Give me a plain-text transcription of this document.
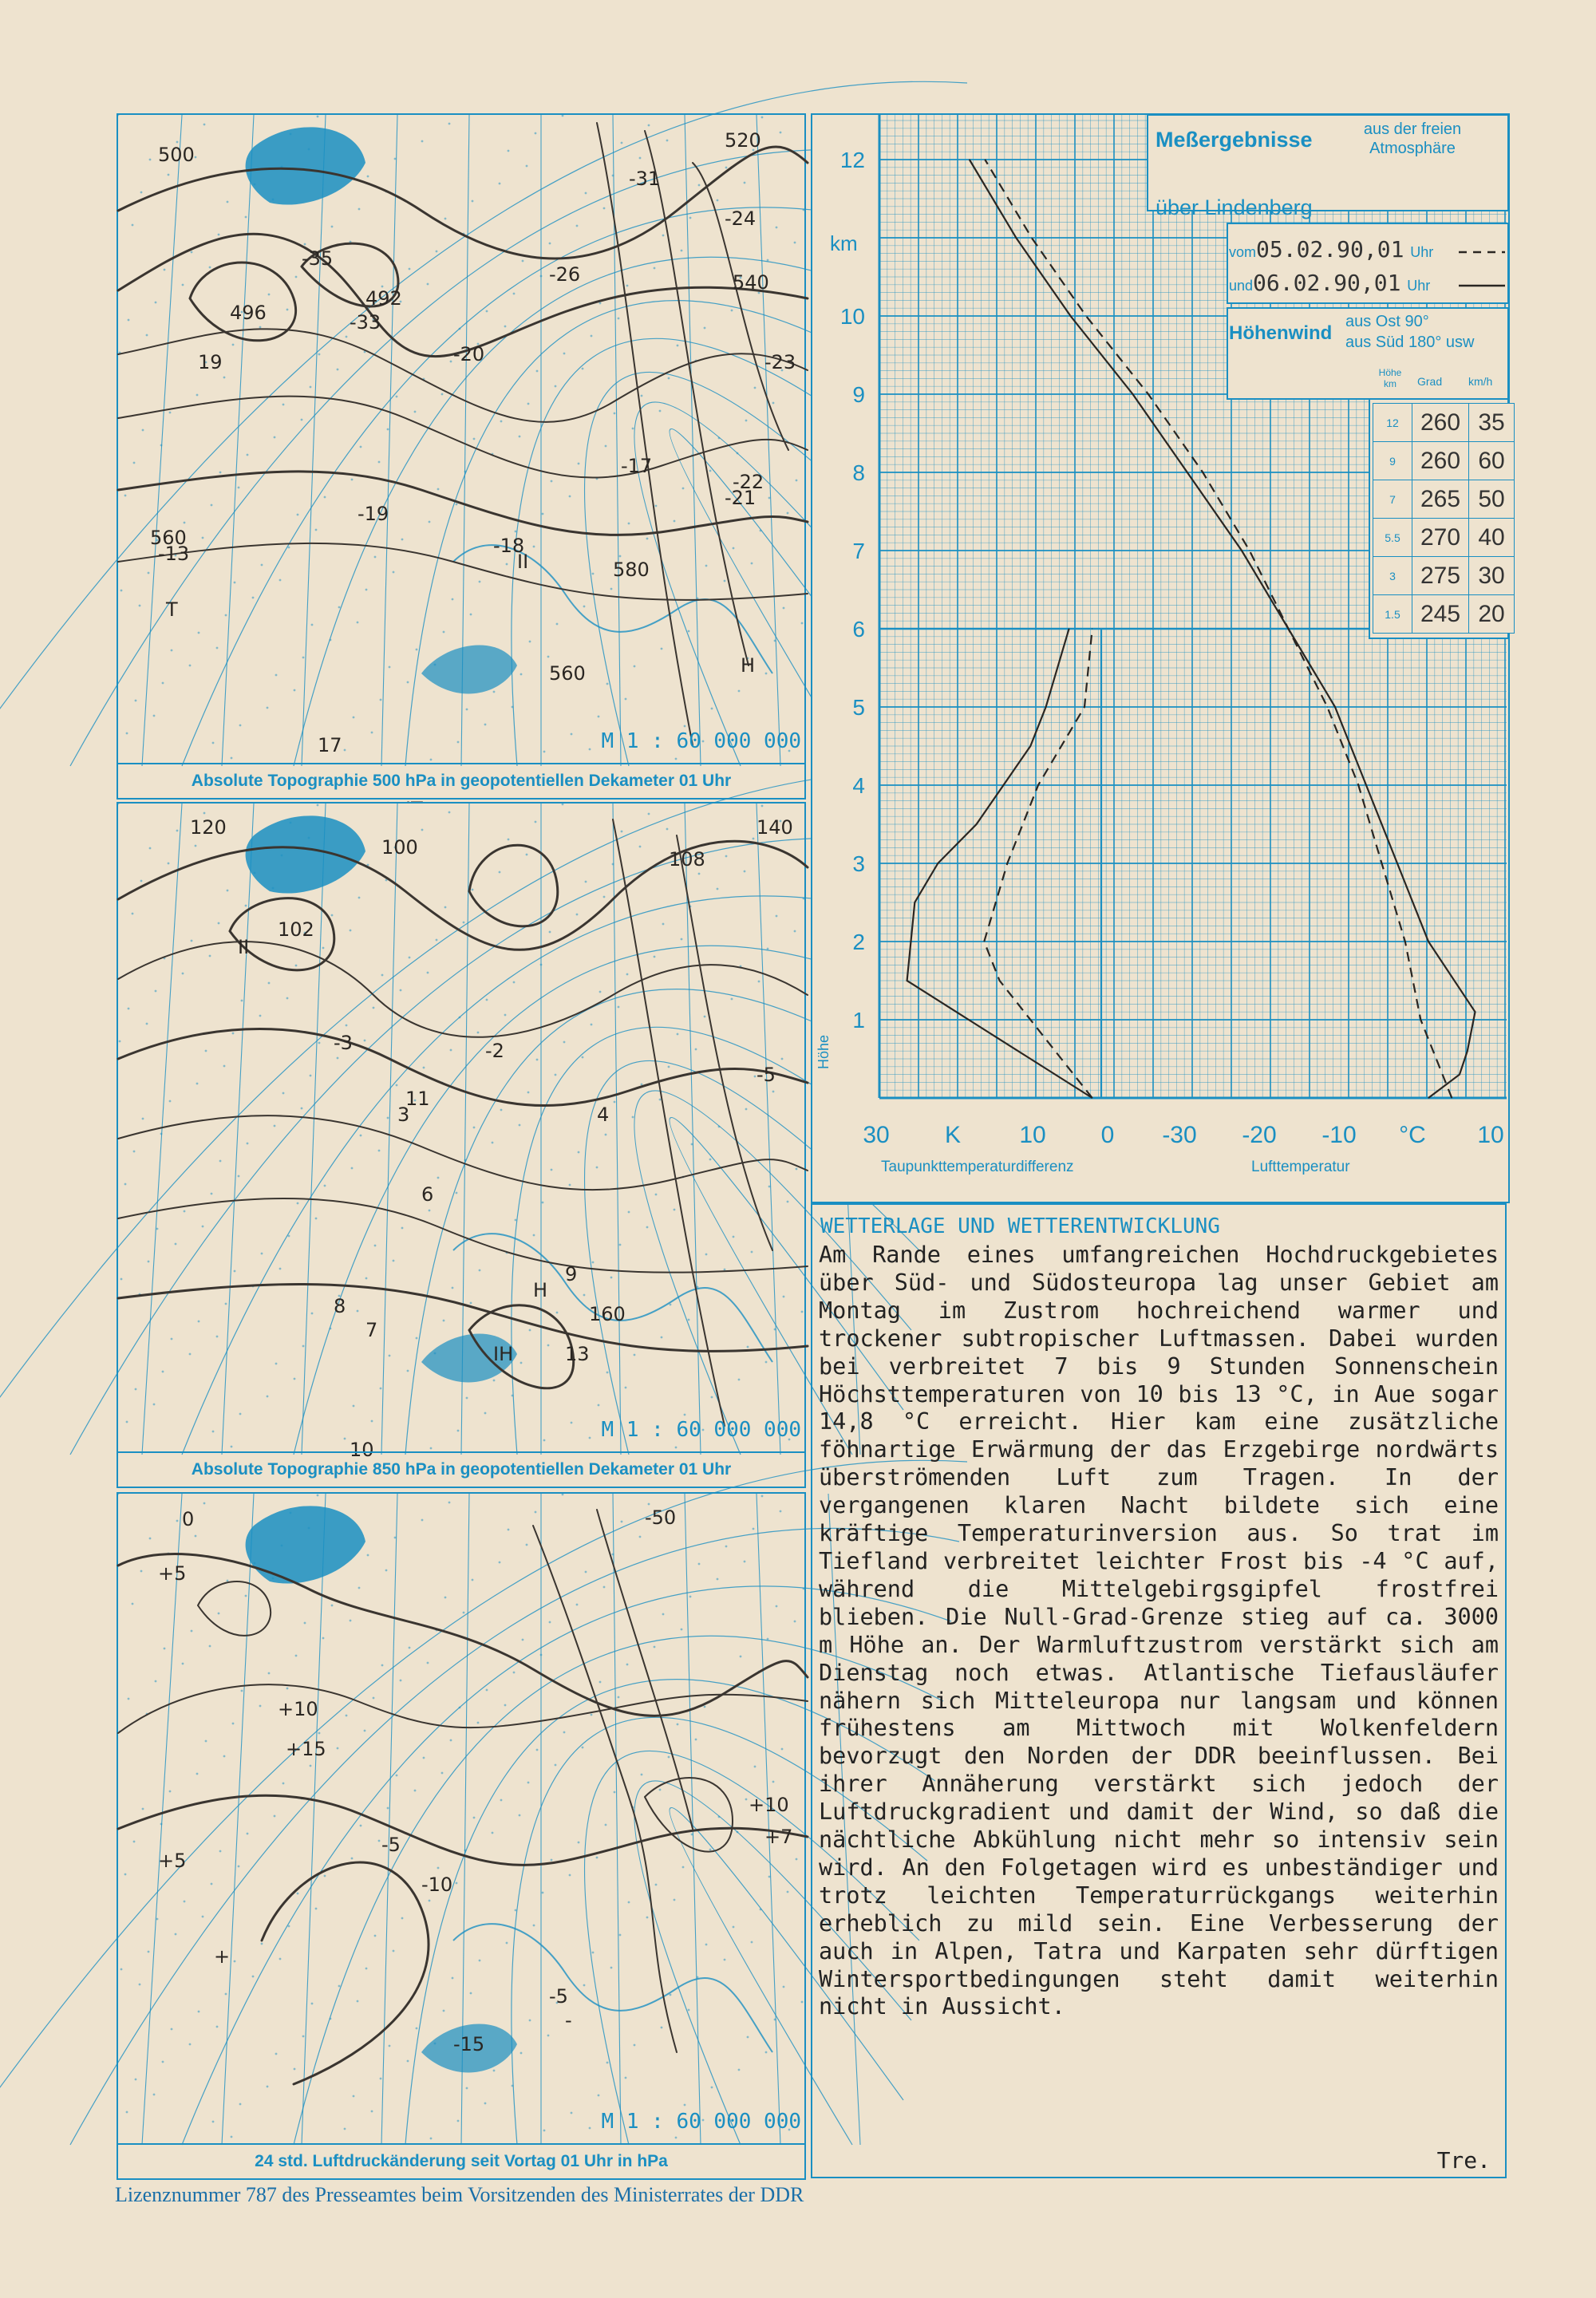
500
520
540
560
496
-31
-33
-35
-26
-24
-23
-20
-19
-18
-17
-22
492
580
560
17
19
II
H
T
-13
-21
M 1 : 60 000 000
Absolute Topographie 500 hPa in geopotentiellen Dekameter 01 Uhr
120	140
100
108
102
160
-3	-2
-5
3
6
8
9
10
11
13
7
4
II
H
IH
M 1 : 60 000 000
Absolute Topographie 850 hPa in geopotentiellen Dekameter 01 Uhr
0
+5
+10
+15
-5
-10
-15
-50
+5
+10
+7
-5
+
-
M 1 : 60 000 000
24 std. Luftdruckänderung seit Vortag 01 Uhr in hPa
12
10
9
8
7
6
5
4
3
2
1
30 K 10 0 -30 -20 -10 °C 10
Meßergebnisse	aus der freien Atmosphäre
über Lindenberg
vom05.02.90,01 Uhr
und06.02.90,01 Uhr
Höhenwind
aus Ost 90°
aus Süd 180° usw
Höhe km	Grad km/h
12	260	35
9	260	60
7	265	50
5.5	270	40
3	275	30
1.5	245	20
km
Höhe
Taupunkttemperaturdifferenz	Lufttemperatur
WETTERLAGE UND WETTERENTWICKLUNG

Am Rande eines umfangreichen Hochdruckgebietes über Süd- und Südosteuropa lag unser Gebiet am Montag im Zustrom hochreichend warmer und trockener subtropischer Luftmassen. Dabei wurden bei verbreitet 7 bis 9 Stunden Sonnenschein Höchsttemperaturen von 10 bis 13 °C, in Aue sogar 14,8 °C erreicht. Hier kam eine zusätzliche föhnartige Erwärmung der das Erzgebirge nordwärts überströmenden Luft zum Tragen. In der vergangenen klaren Nacht bildete sich eine kräftige Temperaturinversion aus. So trat im Tiefland verbreitet leichter Frost bis -4 °C auf, während die Mittelgebirgsgipfel frostfrei blieben. Die Null-Grad-Grenze stieg auf ca. 3000 m Höhe an. Der Warmluftzustrom verstärkt sich am Dienstag noch etwas. Atlantische Tiefausläufer nähern sich Mitteleuropa nur langsam und können frühestens am Mittwoch mit Wolkenfeldern bevorzugt den Norden der DDR beeinflussen. Bei ihrer Annäherung verstärkt sich jedoch der Luftdruckgradient und damit der Wind, so daß die nächtliche Abkühlung nicht mehr so intensiv sein wird. An den Folgetagen wird es unbeständiger und trotz leichten Temperaturrückgangs weiterhin erheblich zu mild sein. Eine Verbesserung der auch in Alpen, Tatra und Karpaten sehr dürftigen Wintersportbedingungen steht damit weiterhin nicht in Aussicht.

Tre.
Lizenznummer 787 des Presseamtes beim Vorsitzenden des Ministerrates der DDR
